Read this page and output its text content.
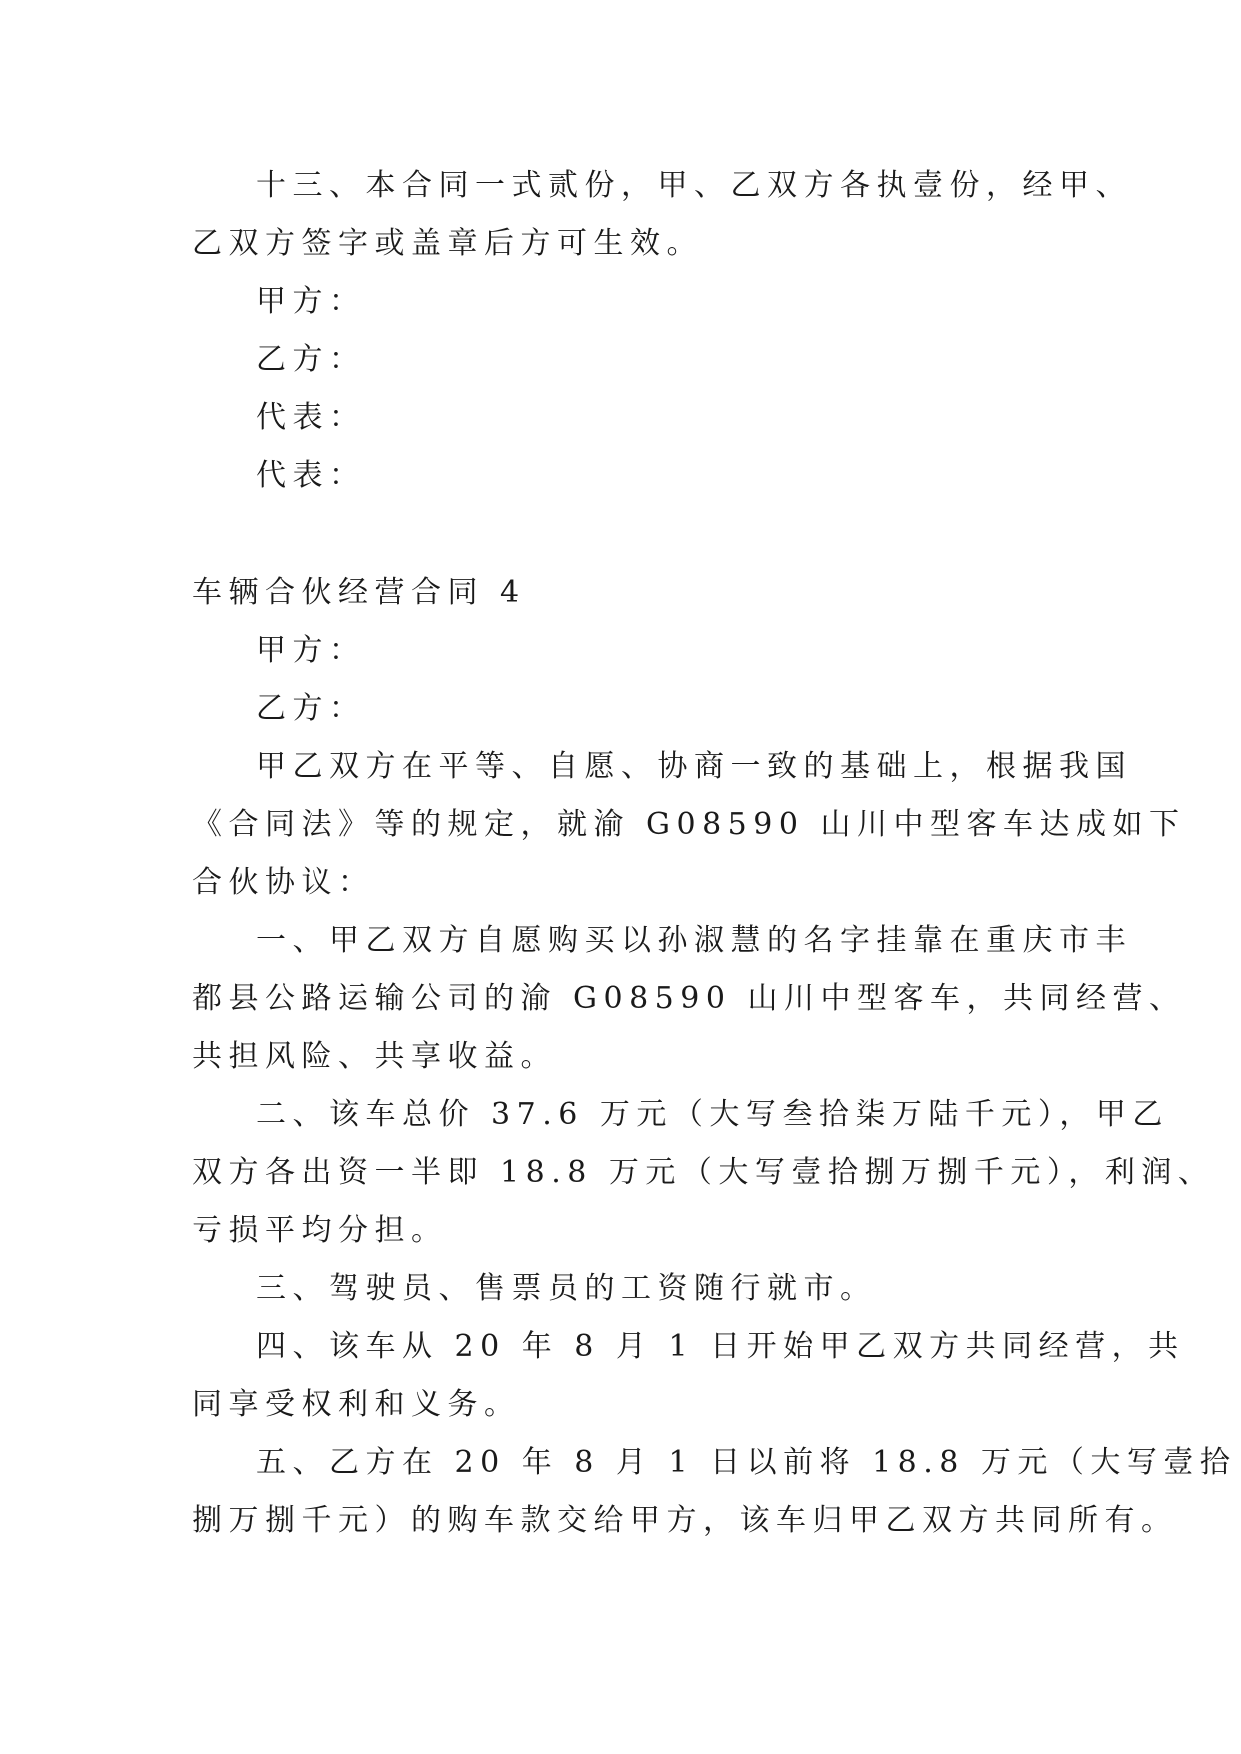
十三、本合同一式贰份，甲、乙双方各执壹份，经甲、
乙双方签字或盖章后方可生效。
甲方：
乙方：
代表：
代表：
车辆合伙经营合同 4
甲方：
乙方：
甲乙双方在平等、自愿、协商一致的基础上，根据我国
《合同法》等的规定，就渝 G08590 山川中型客车达成如下
合伙协议：
一、甲乙双方自愿购买以孙淑慧的名字挂靠在重庆市丰
都县公路运输公司的渝 G08590 山川中型客车，共同经营、
共担风险、共享收益。
二、该车总价 37.6 万元（大写叁拾柒万陆千元），甲乙
双方各出资一半即 18.8 万元（大写壹拾捌万捌千元），利润、
亏损平均分担。
三、驾驶员、售票员的工资随行就市。
四、该车从 20 年 8 月 1 日开始甲乙双方共同经营，共
同享受权利和义务。
五、乙方在 20 年 8 月 1 日以前将 18.8 万元（大写壹拾
捌万捌千元）的购车款交给甲方，该车归甲乙双方共同所有。
